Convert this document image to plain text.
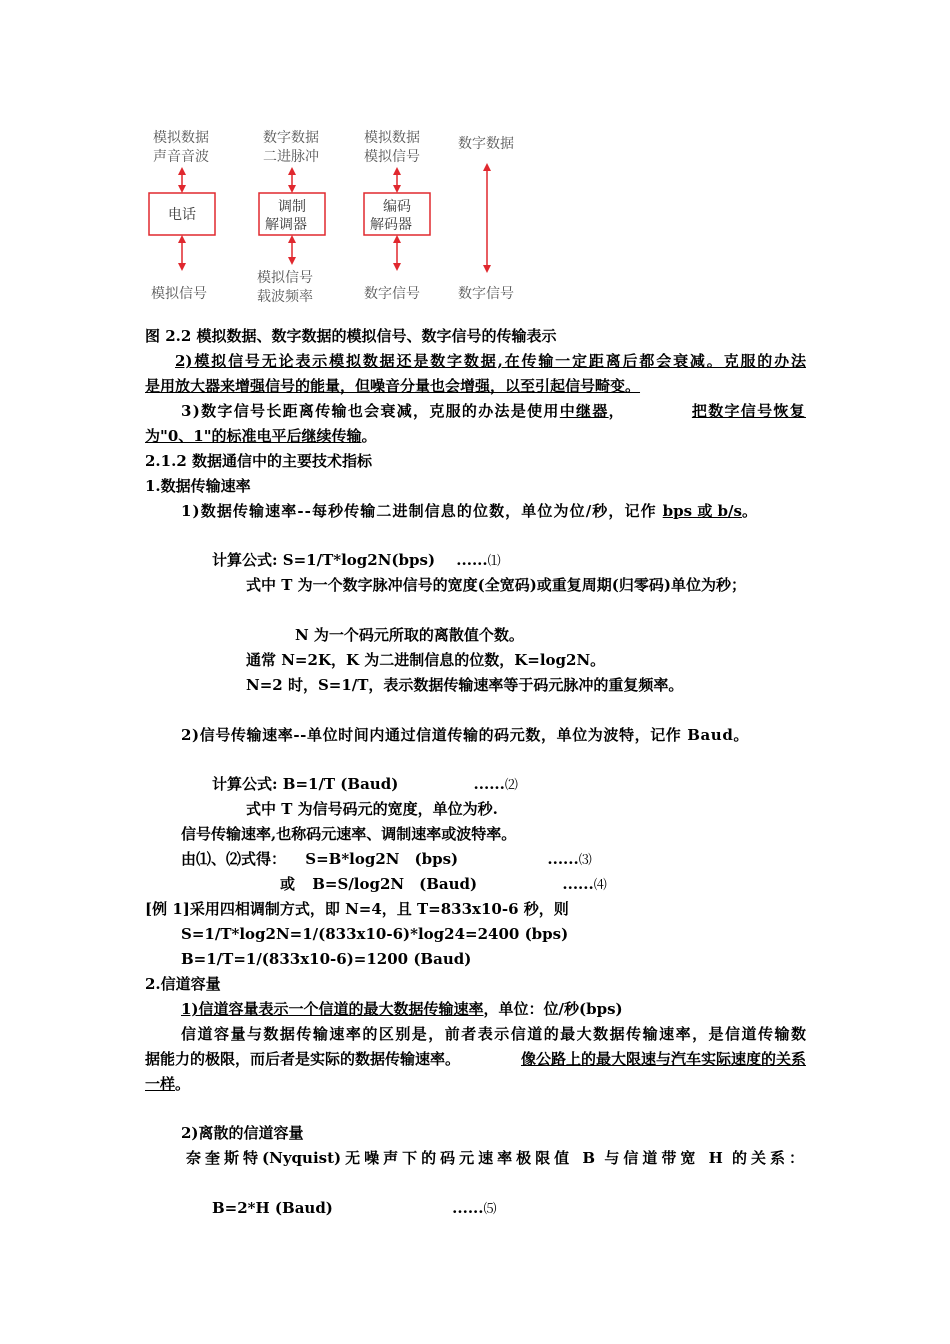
模拟数据
声音音波
电话
模拟信号
数字数据
二进脉冲
调制
解调器
模拟信号
载波频率
模拟数据
模拟信号
编码
解码器
数字信号
数字数据
数字信号
图 2.2 模拟数据、数字数据的模拟信号、数字信号的传输表示
2)模拟信号无论表示模拟数据还是数字数据,在传输一定距离后都会衰减。克服的办法
是用放大器来增强信号的能量，但噪音分量也会增强，以至引起信号畸变。
3)数字信号长距离传输也会衰减，克服的办法是使用 中继器 ，	把数字信号恢复
为"0、1"的标准电平后继续传输。
2.1.2 数据通信中的主要技术指标
1.数据传输速率
1)数据传输速率--每秒传输二进制信息的位数，单位为位/秒，记作 bps 或 b/s 。
计算公式: S=1/T*log2N(bps) ......⑴
式中 T 为一个数字脉冲信号的宽度(全宽码)或重复周期(归零码)单位为秒；
N 为一个码元所取的离散值个数。
通常 N=2K，K 为二进制信息的位数，K=log2N。
N=2 时，S=1/T，表示数据传输速率等于码元脉冲的重复频率。
2)信号传输速率--单位时间内通过信道传输的码元数，单位为波特，记作 Baud。
计算公式: B=1/T (Baud)	......⑵
式中 T 为信号码元的宽度，单位为秒.
信号传输速率,也称码元速率、调制速率或波特率。
由⑴、⑵式得： S=B*log2N　(bps)	......⑶
或 B=S/log2N　(Baud)	......⑷
[例 1]采用四相调制方式，即 N=4，且 T=833x10-6 秒，则
S=1/T*log2N=1/(833x10-6)*log24=2400 (bps)
B=1/T=1/(833x10-6)=1200 (Baud)
2.信道容量
1)信道容量表示一个信道的最大数据传输速率，单位：位/秒(bps)
信道容量与数据传输速率的区别是，前者表示信道的最大数据传输速率，是信道传输数
据能力的极限，而后者是实际的数据传输速率。	像公路上的最大限速与汽车实际速度的关系
一样。
2)离散的信道容量
奈奎斯特(Nyquist)无噪声下的码元速率极限值 B 与信道带宽 H 的关系：
B=2*H (Baud)	......⑸
